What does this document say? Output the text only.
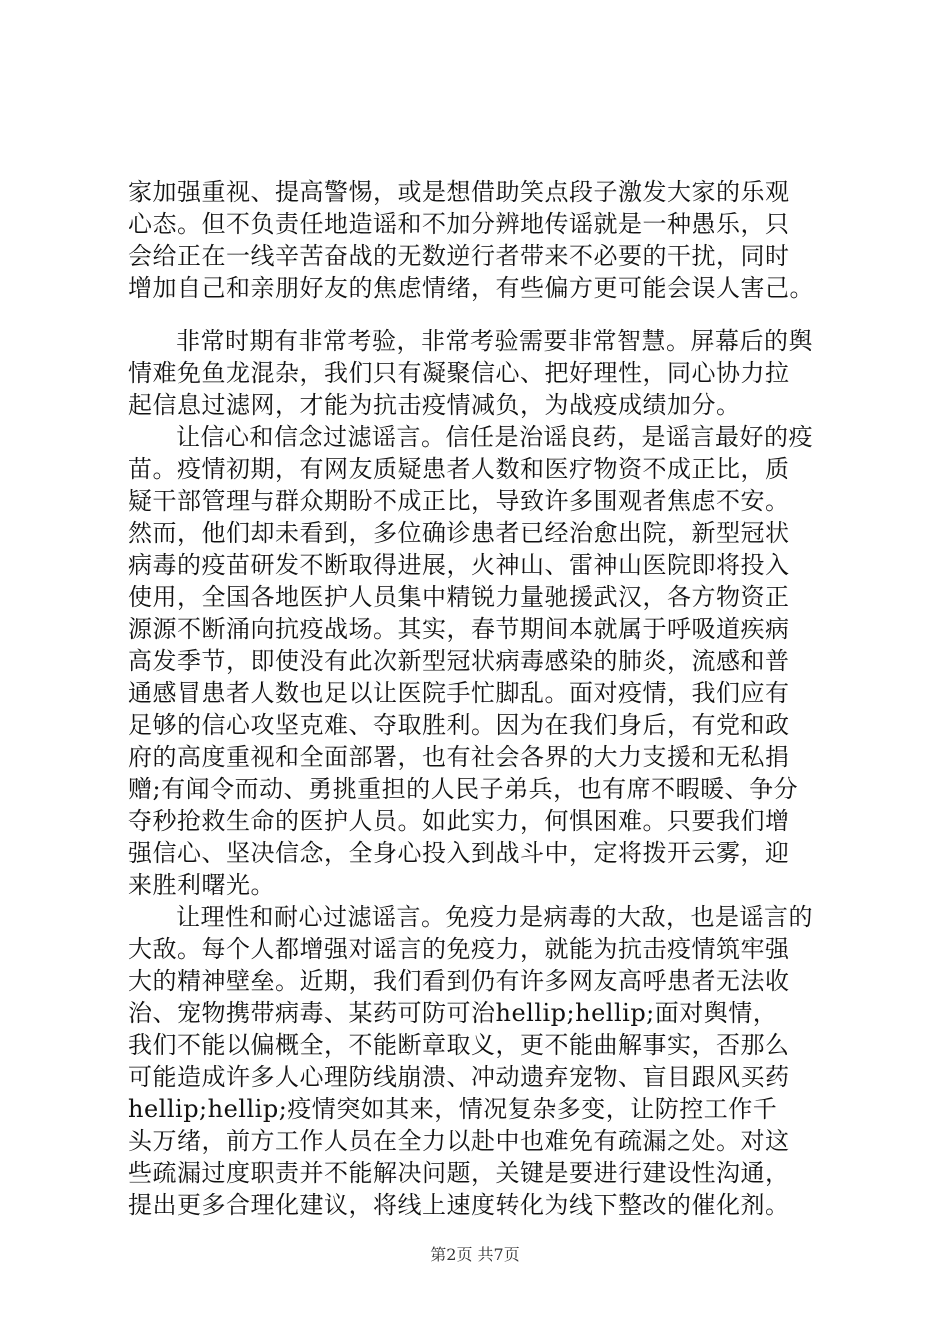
家加强重视、提高警惕，或是想借助笑点段子激发大家的乐观
心态。但不负责任地造谣和不加分辨地传谣就是一种愚乐，只
会给正在一线辛苦奋战的无数逆行者带来不必要的干扰，同时
增加自己和亲朋好友的焦虑情绪，有些偏方更可能会误人害己。
非常时期有非常考验，非常考验需要非常智慧。屏幕后的舆
情难免鱼龙混杂，我们只有凝聚信心、把好理性，同心协力拉
起信息过滤网，才能为抗击疫情减负，为战疫成绩加分。
让信心和信念过滤谣言。信任是治谣良药，是谣言最好的疫
苗。疫情初期，有网友质疑患者人数和医疗物资不成正比，质
疑干部管理与群众期盼不成正比，导致许多围观者焦虑不安。
然而，他们却未看到，多位确诊患者已经治愈出院，新型冠状
病毒的疫苗研发不断取得进展，火神山、雷神山医院即将投入
使用，全国各地医护人员集中精锐力量驰援武汉，各方物资正
源源不断涌向抗疫战场。其实，春节期间本就属于呼吸道疾病
高发季节，即使没有此次新型冠状病毒感染的肺炎，流感和普
通感冒患者人数也足以让医院手忙脚乱。面对疫情，我们应有
足够的信心攻坚克难、夺取胜利。因为在我们身后，有党和政
府的高度重视和全面部署，也有社会各界的大力支援和无私捐
赠;有闻令而动、勇挑重担的人民子弟兵，也有席不暇暖、争分
夺秒抢救生命的医护人员。如此实力，何惧困难。只要我们增
强信心、坚决信念，全身心投入到战斗中，定将拨开云雾，迎
来胜利曙光。
让理性和耐心过滤谣言。免疫力是病毒的大敌，也是谣言的
大敌。每个人都增强对谣言的免疫力，就能为抗击疫情筑牢强
大的精神壁垒。近期，我们看到仍有许多网友高呼患者无法收
治、宠物携带病毒、某药可防可治hellip;hellip;面对舆情，
我们不能以偏概全，不能断章取义，更不能曲解事实，否那么
可能造成许多人心理防线崩溃、冲动遗弃宠物、盲目跟风买药
hellip;hellip;疫情突如其来，情况复杂多变，让防控工作千
头万绪，前方工作人员在全力以赴中也难免有疏漏之处。对这
些疏漏过度职责并不能解决问题，关键是要进行建设性沟通，
提出更多合理化建议，将线上速度转化为线下整改的催化剂。
第2页 共7页
